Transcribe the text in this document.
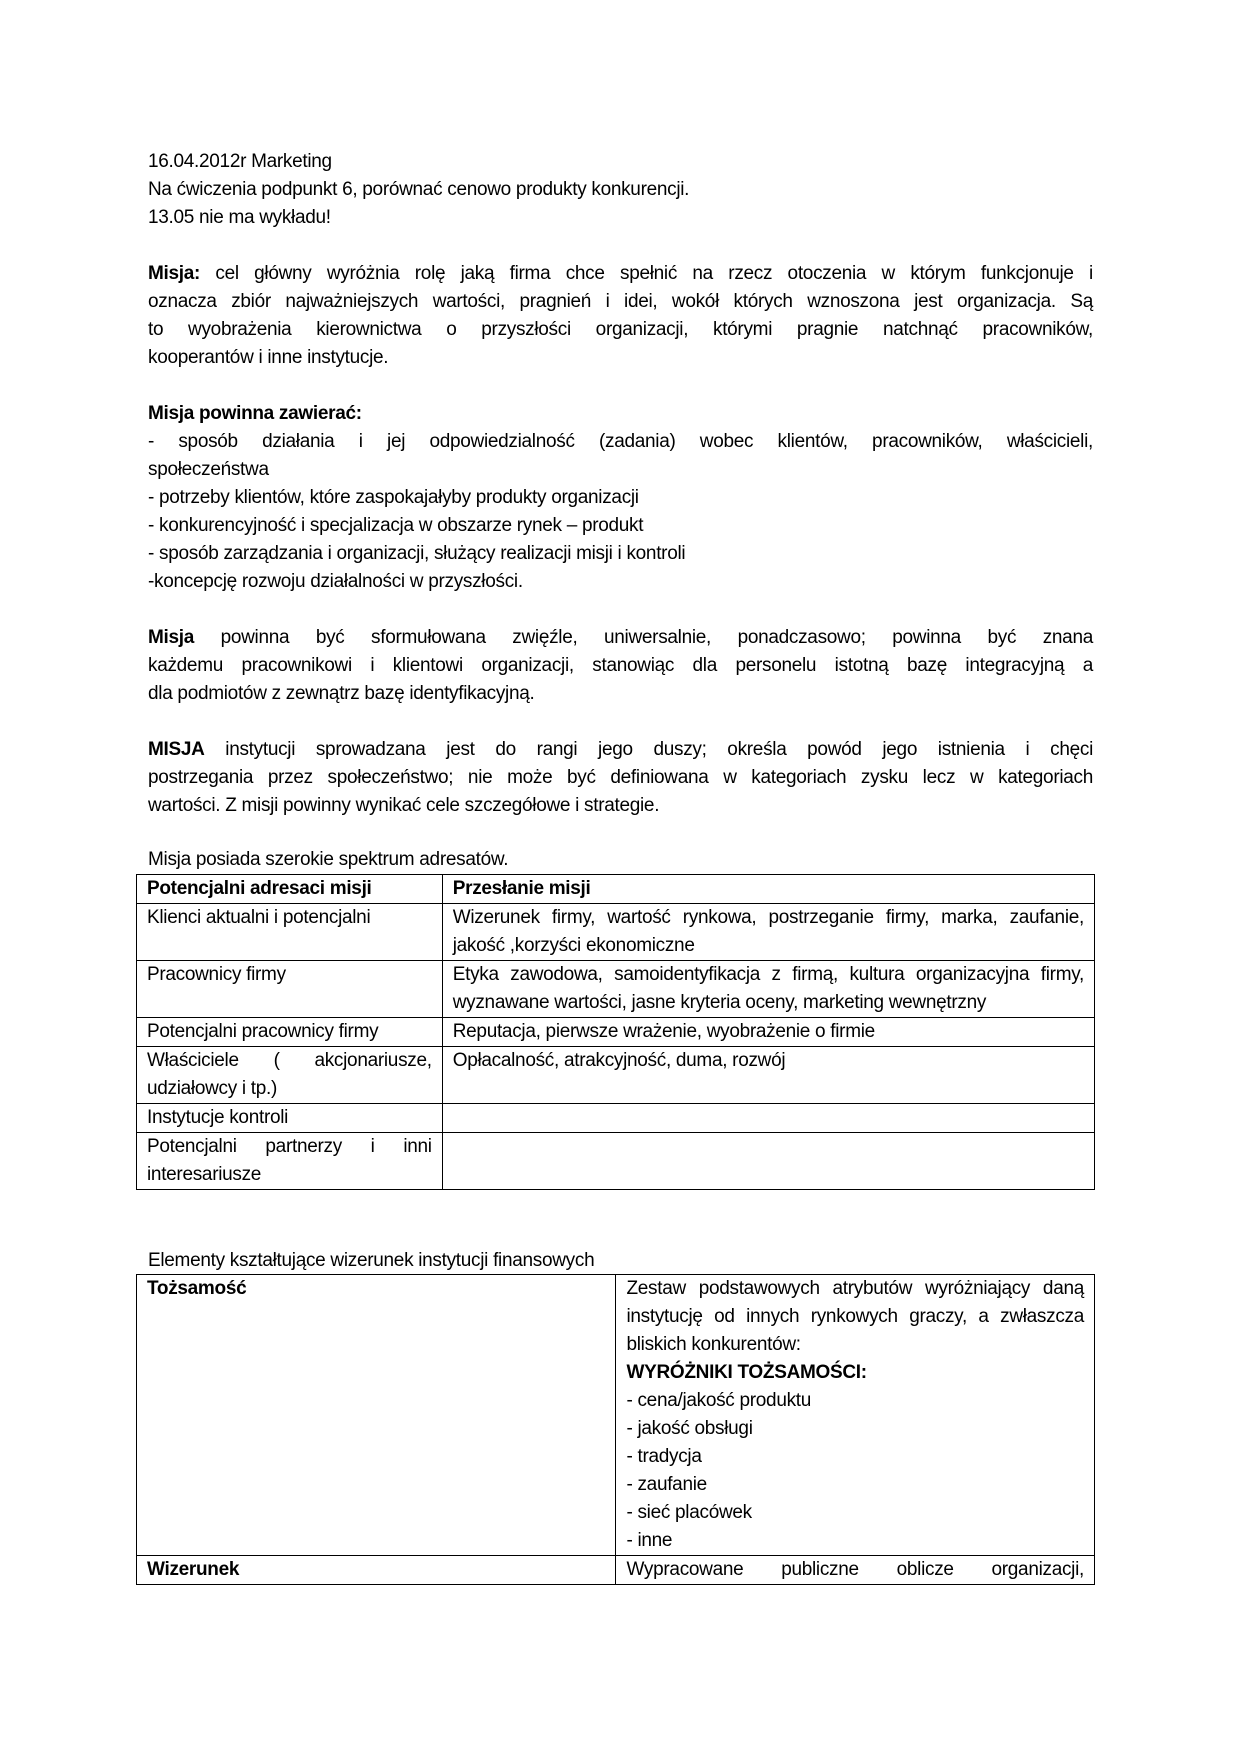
16.04.2012r Marketing
Na ćwiczenia podpunkt 6, porównać cenowo produkty konkurencji.
13.05 nie ma wykładu!
Misja: cel główny wyróżnia rolę jaką firma chce spełnić na rzecz otoczenia w którym funkcjonuje i
oznacza zbiór najważniejszych wartości, pragnień i idei, wokół których wznoszona jest organizacja. Są
to wyobrażenia kierownictwa o przyszłości organizacji, którymi pragnie natchnąć pracowników,
kooperantów i inne instytucje.
Misja powinna zawierać:
- sposób działania i jej odpowiedzialność (zadania) wobec klientów, pracowników, właścicieli,
społeczeństwa
- potrzeby klientów, które zaspokajałyby produkty organizacji
- konkurencyjność i specjalizacja w obszarze rynek – produkt
- sposób zarządzania i organizacji, służący realizacji misji i kontroli
-koncepcję rozwoju działalności w przyszłości.
Misja powinna być sformułowana zwięźle, uniwersalnie, ponadczasowo; powinna być znana
każdemu pracownikowi i klientowi organizacji, stanowiąc dla personelu istotną bazę integracyjną a
dla podmiotów z zewnątrz bazę identyfikacyjną.
MISJA instytucji sprowadzana jest do rangi jego duszy; określa powód jego istnienia i chęci
postrzegania przez społeczeństwo; nie może być definiowana w kategoriach zysku lecz w kategoriach
wartości. Z misji powinny wynikać cele szczegółowe i strategie.
Misja posiada szerokie spektrum adresatów.
Potencjalni adresaci misji	Przesłanie misji

Klienci aktualni i potencjalni	Wizerunek firmy, wartość rynkowa, postrzeganie firmy, marka, zaufanie, jakość ,korzyści ekonomiczne

Pracownicy firmy	Etyka zawodowa, samoidentyfikacja z firmą, kultura organizacyjna firmy, wyznawane wartości, jasne kryteria oceny, marketing wewnętrzny

Potencjalni pracownicy firmy	Reputacja, pierwsze wrażenie, wyobrażenie o firmie

Właściciele ( akcjonariusze, udziałowcy i tp.)	Opłacalność, atrakcyjność, duma, rozwój

Instytucje kontroli	

Potencjalni partnerzy i inni interesariusze	

Elementy kształtujące wizerunek instytucji finansowych
Tożsamość	Zestaw podstawowych atrybutów wyróżniający daną instytucję od innych rynkowych graczy, a zwłaszcza bliskich konkurentów:
WYRÓŻNIKI TOŻSAMOŚCI:
- cena/jakość produktu
- jakość obsługi
- tradycja
- zaufanie
- sieć placówek
- inne

Wizerunek	Wypracowane publiczne oblicze organizacji,
